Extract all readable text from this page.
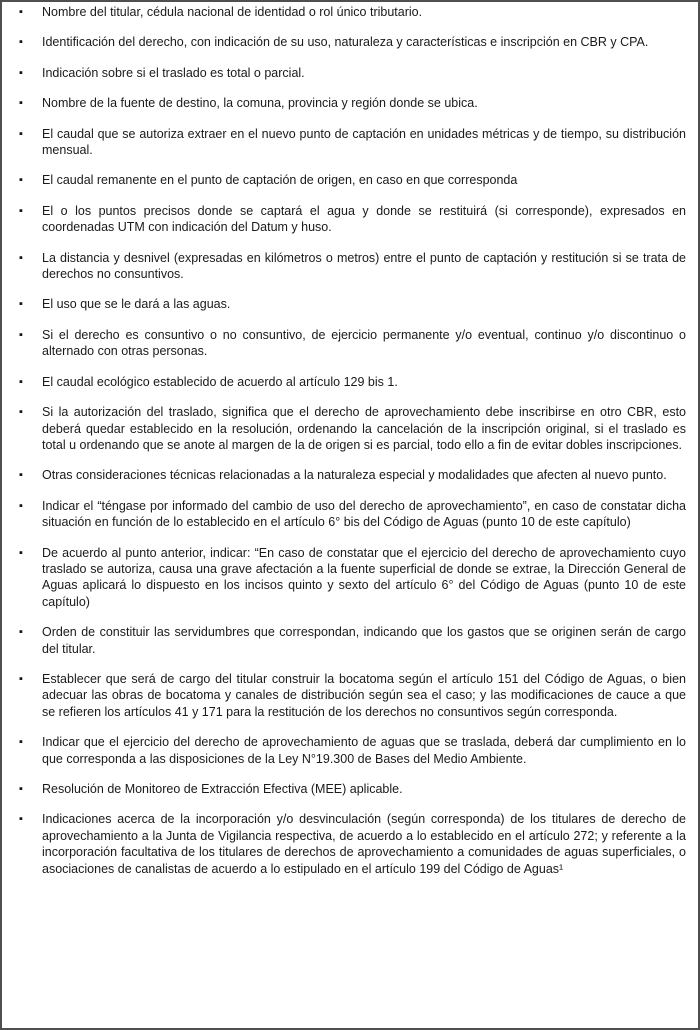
▪	Nombre del titular, cédula nacional de identidad o rol único tributario.
▪	Identificación del derecho, con indicación de su uso, naturaleza y características e inscripción en CBR y CPA.
▪	Indicación sobre si el traslado es total o parcial.
▪	Nombre de la fuente de destino, la comuna, provincia y región donde se ubica.
▪	El caudal que se autoriza extraer en el nuevo punto de captación en unidades métricas y de tiempo, su distribución mensual.
▪	El caudal remanente en el punto de captación de origen, en caso en que corresponda
▪	El o los puntos precisos donde se captará el agua y donde se restituirá (si corresponde), expresados en coordenadas UTM con indicación del Datum y huso.
▪	La distancia y desnivel (expresadas en kilómetros o metros) entre el punto de captación y restitución si se trata de derechos no consuntivos.
▪	El uso que se le dará a las aguas.
▪	Si el derecho es consuntivo o no consuntivo, de ejercicio permanente y/o eventual, continuo y/o discontinuo o alternado con otras personas.
▪	El caudal ecológico establecido de acuerdo al artículo 129 bis 1.
▪	Si la autorización del traslado, significa que el derecho de aprovechamiento debe inscribirse en otro CBR, esto deberá quedar establecido en la resolución, ordenando la cancelación de la inscripción original, si el traslado es total u ordenando que se anote al margen de la de origen si es parcial, todo ello a fin de evitar dobles inscripciones.
▪	Otras consideraciones técnicas relacionadas a la naturaleza especial y modalidades que afecten al nuevo punto.
▪	Indicar el “téngase por informado del cambio de uso del derecho de aprovechamiento”, en caso de constatar dicha situación en función de lo establecido en el artículo 6° bis del Código de Aguas (punto 10 de este capítulo)
▪	De acuerdo al punto anterior, indicar: “En caso de constatar que el ejercicio del derecho de aprovechamiento cuyo traslado se autoriza, causa una grave afectación a la fuente superficial de donde se extrae, la Dirección General de Aguas aplicará lo dispuesto en los incisos quinto y sexto del artículo 6° del Código de Aguas (punto 10 de este capítulo)
▪	Orden de constituir las servidumbres que correspondan, indicando que los gastos que se originen serán de cargo del titular.
▪	Establecer que será de cargo del titular construir la bocatoma según el artículo 151 del Código de Aguas, o bien adecuar las obras de bocatoma y canales de distribución según sea el caso; y las modificaciones de cauce a que se refieren los artículos 41 y 171 para la restitución de los derechos no consuntivos según corresponda.
▪	Indicar que el ejercicio del derecho de aprovechamiento de aguas que se traslada, deberá dar cumplimiento en lo que corresponda a las disposiciones de la Ley N°19.300 de Bases del Medio Ambiente.
▪	Resolución de Monitoreo de Extracción Efectiva (MEE) aplicable.
▪	Indicaciones acerca de la incorporación y/o desvinculación (según corresponda) de los titulares de derecho de aprovechamiento a la Junta de Vigilancia respectiva, de acuerdo a lo establecido en el artículo 272; y referente a la incorporación facultativa de los titulares de derechos de aprovechamiento a comunidades de aguas superficiales, o asociaciones de canalistas de acuerdo a lo estipulado en el artículo 199 del Código de Aguas¹
